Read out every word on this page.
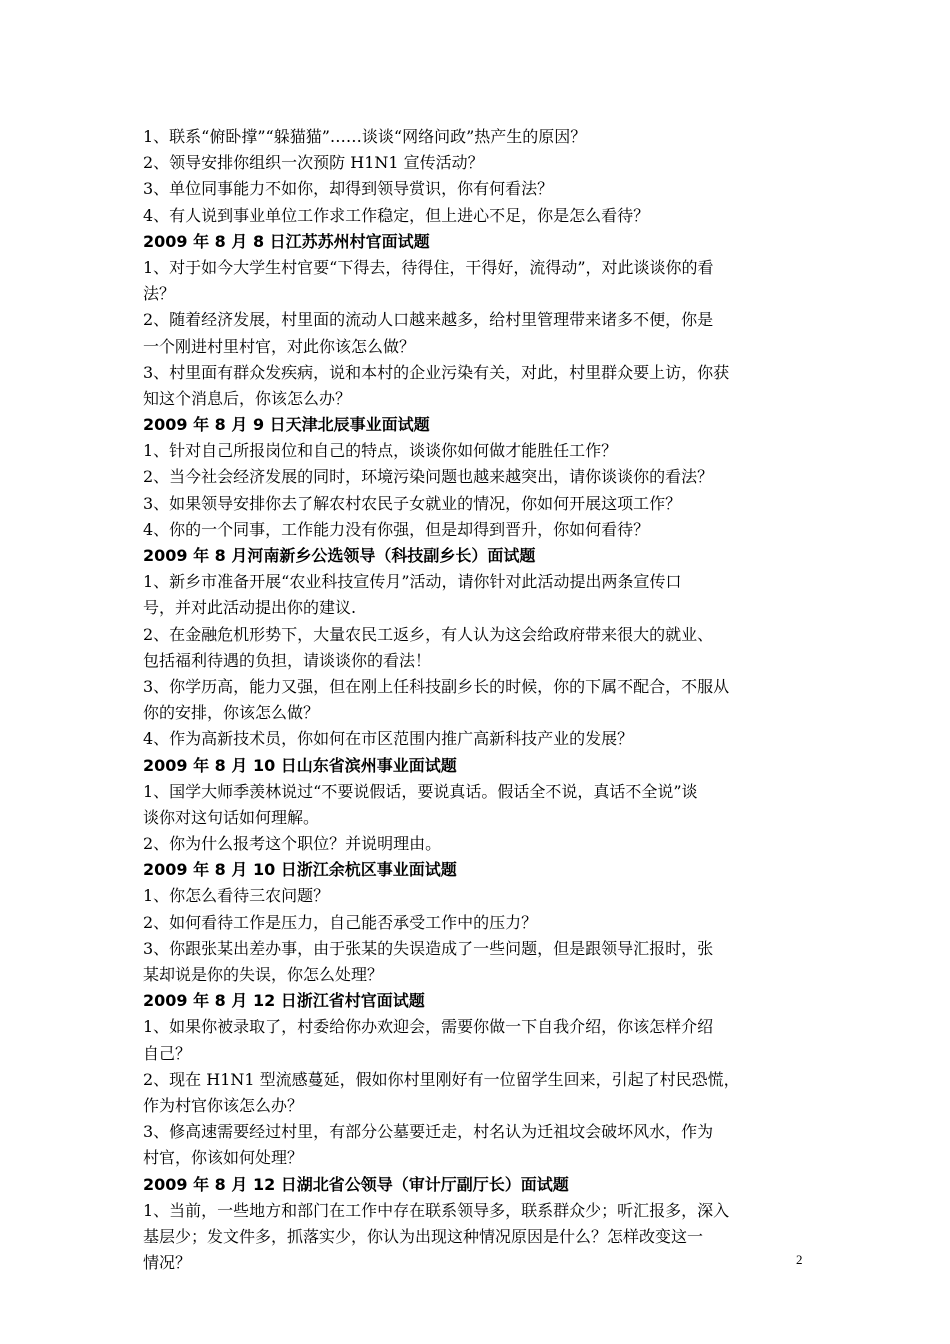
1、联系“俯卧撑”“躲猫猫”……谈谈“网络问政”热产生的原因？
2、领导安排你组织一次预防 H1N1 宣传活动？
3、单位同事能力不如你，却得到领导赏识，你有何看法？
4、有人说到事业单位工作求工作稳定，但上进心不足，你是怎么看待？
2009 年 8 月 8 日江苏苏州村官面试题
1、对于如今大学生村官要“下得去，待得住，干得好，流得动”，对此谈谈你的看
法？
2、随着经济发展，村里面的流动人口越来越多，给村里管理带来诸多不便，你是
一个刚进村里村官，对此你该怎么做？
3、村里面有群众发疾病，说和本村的企业污染有关，对此，村里群众要上访，你获
知这个消息后，你该怎么办？
2009 年 8 月 9 日天津北辰事业面试题
1、针对自己所报岗位和自己的特点，谈谈你如何做才能胜任工作？
2、当今社会经济发展的同时，环境污染问题也越来越突出，请你谈谈你的看法？
3、如果领导安排你去了解农村农民子女就业的情况，你如何开展这项工作？
4、你的一个同事，工作能力没有你强，但是却得到晋升，你如何看待？
2009 年 8 月河南新乡公选领导（科技副乡长）面试题
1、新乡市准备开展“农业科技宣传月”活动，请你针对此活动提出两条宣传口
号，并对此活动提出你的建议.
2、在金融危机形势下，大量农民工返乡，有人认为这会给政府带来很大的就业、
包括福利待遇的负担，请谈谈你的看法！
3、你学历高，能力又强，但在刚上任科技副乡长的时候，你的下属不配合，不服从
你的安排，你该怎么做？
4、作为高新技术员，你如何在市区范围内推广高新科技产业的发展？
2009 年 8 月 10 日山东省滨州事业面试题
1、国学大师季羡林说过“不要说假话，要说真话。假话全不说，真话不全说”谈
谈你对这句话如何理解。
2、你为什么报考这个职位？并说明理由。
2009 年 8 月 10 日浙江余杭区事业面试题
1、你怎么看待三农问题？
2、如何看待工作是压力，自己能否承受工作中的压力？
3、你跟张某出差办事，由于张某的失误造成了一些问题，但是跟领导汇报时，张
某却说是你的失误，你怎么处理？
2009 年 8 月 12 日浙江省村官面试题
1、如果你被录取了，村委给你办欢迎会，需要你做一下自我介绍，你该怎样介绍
自己？
2、现在 H1N1 型流感蔓延，假如你村里刚好有一位留学生回来，引起了村民恐慌，
作为村官你该怎么办？
3、修高速需要经过村里，有部分公墓要迁走，村名认为迁祖坟会破坏风水，作为
村官，你该如何处理？
2009 年 8 月 12 日湖北省公领导（审计厅副厅长）面试题
1、当前，一些地方和部门在工作中存在联系领导多，联系群众少；听汇报多，深入
基层少；发文件多，抓落实少，你认为出现这种情况原因是什么？怎样改变这一
情况？	2
